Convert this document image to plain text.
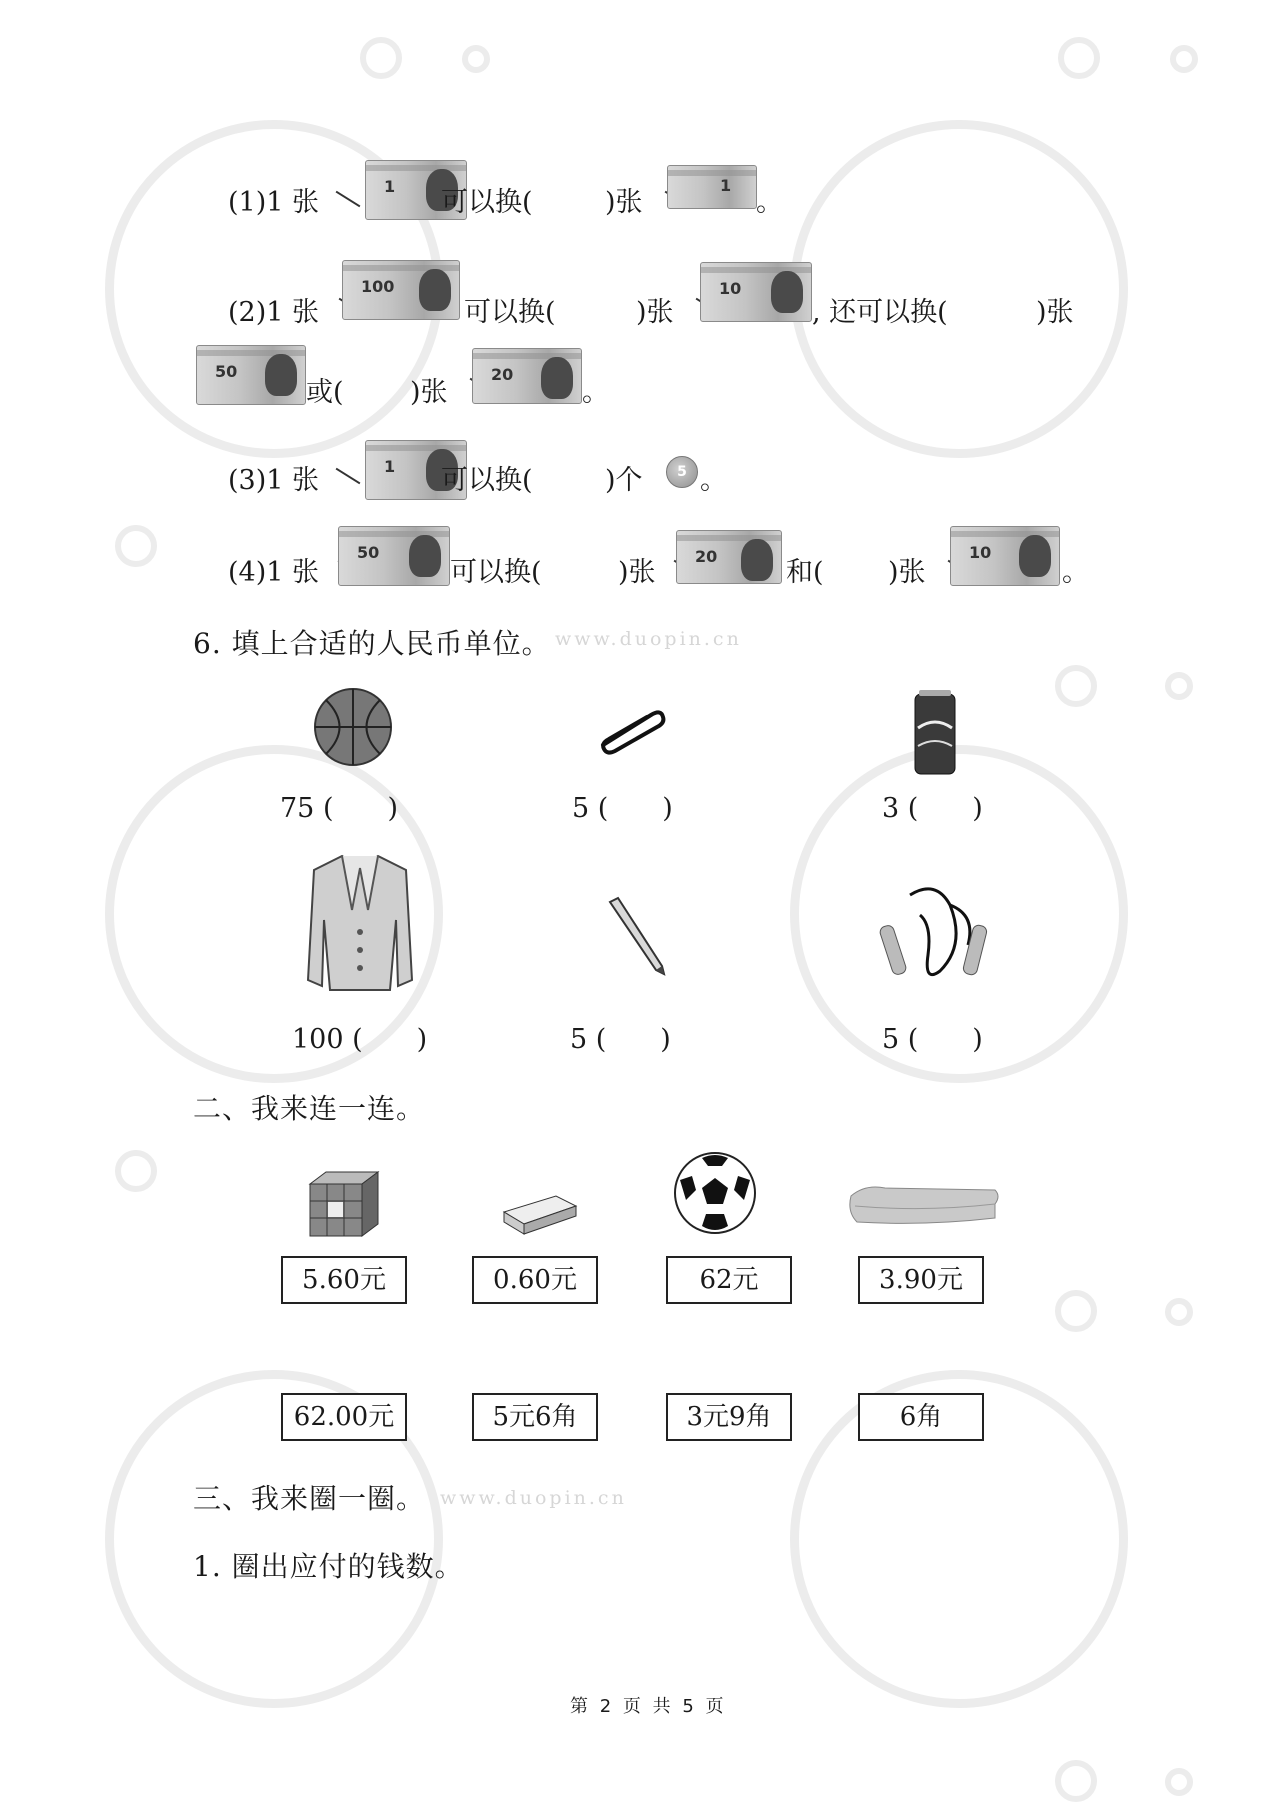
www.duopin.cn
www.duopin.cn
(1)1 张
1
可以换(	)张
1
。
(2)1 张
100
可以换(	)张
10
, 还可以换(	)张
50
或( )张
20
。
(3)1 张	1 可以换(	)个	5 。
(4)1 张
50
可以换(	)张
20
和( )张
10
。
6. 填上合适的人民币单位。
75 (　　)	5 (　　)	3 (　　)
100 (　　)	5 (　　)	5 (　　)
二、我来连一连。
5.60元	0.60元	62元	3.90元
62.00元	5元6角	3元9角	6角
三、我来圈一圈。
1. 圈出应付的钱数。
第 2 页 共 5 页
